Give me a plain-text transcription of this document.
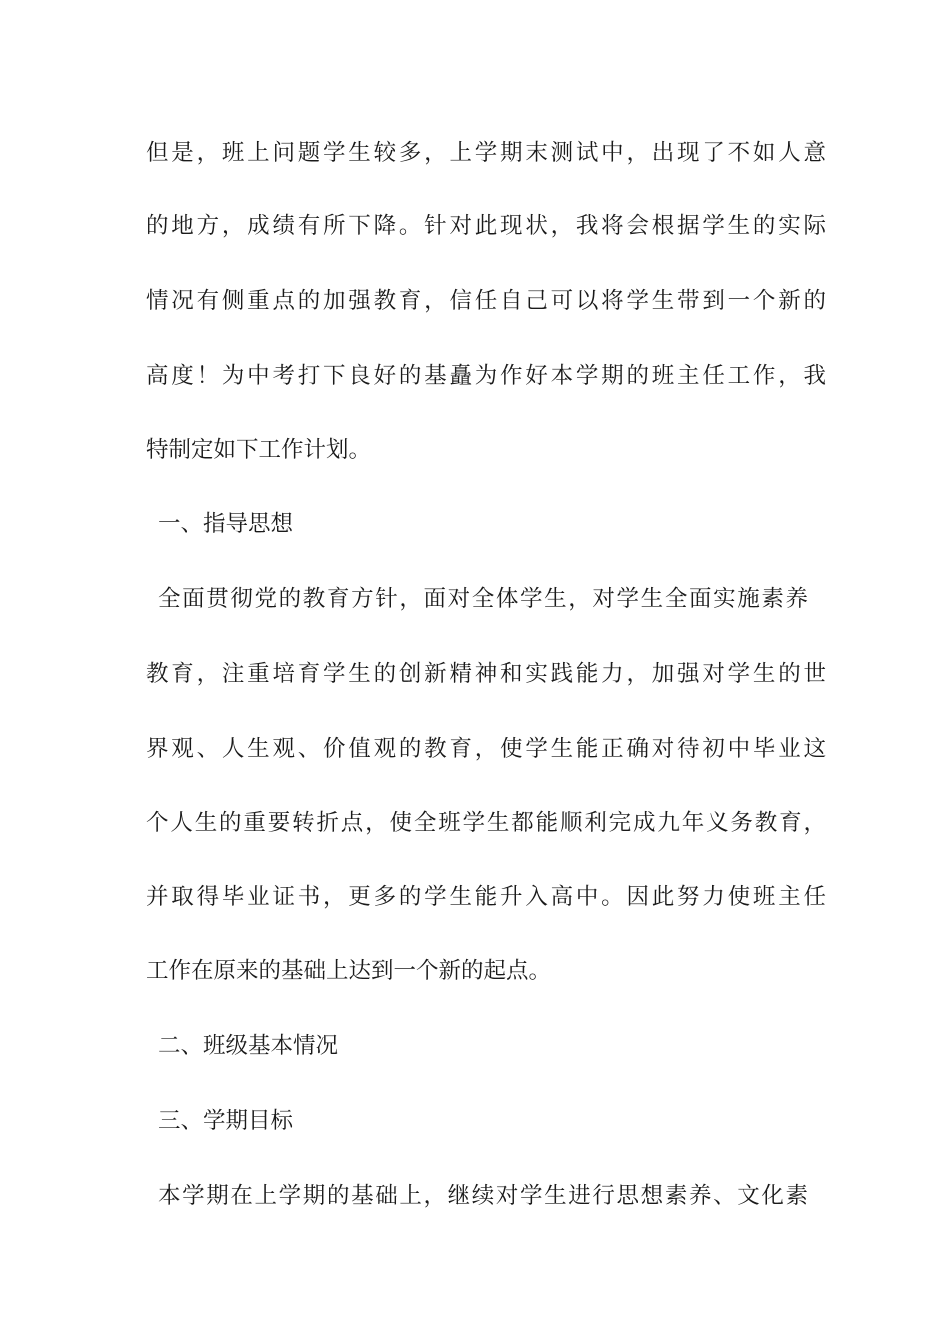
但是，班上问题学生较多，上学期末测试中，出现了不如人意
的地方，成绩有所下降。针对此现状，我将会根据学生的实际
情况有侧重点的加强教育，信任自己可以将学生带到一个新的
高度！为中考打下良好的基矗为作好本学期的班主任工作，我
特制定如下工作计划。
一、指导思想
全面贯彻党的教育方针，面对全体学生，对学生全面实施素养
教育，注重培育学生的创新精神和实践能力，加强对学生的世
界观、人生观、价值观的教育，使学生能正确对待初中毕业这
个人生的重要转折点，使全班学生都能顺利完成九年义务教育，
并取得毕业证书，更多的学生能升入高中。因此努力使班主任
工作在原来的基础上达到一个新的起点。
二、班级基本情况
三、学期目标
本学期在上学期的基础上，继续对学生进行思想素养、文化素
